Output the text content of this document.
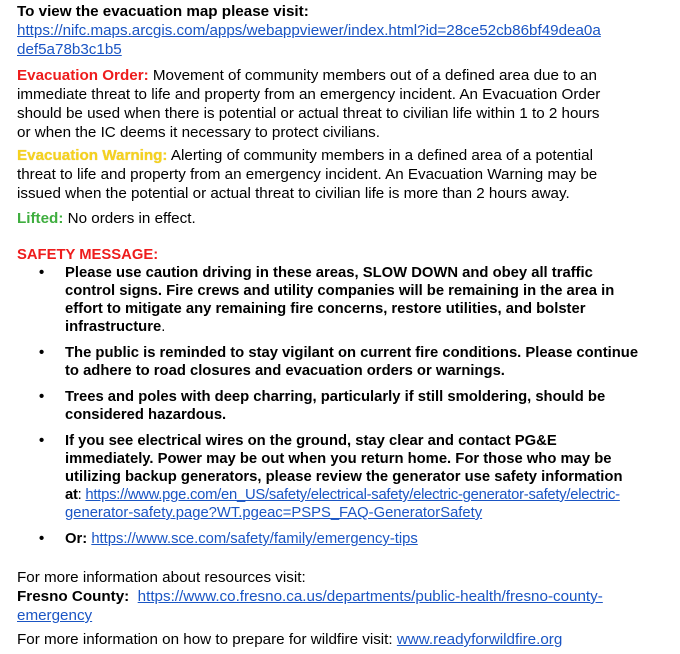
To view the evacuation map please visit:

https://nifc.maps.arcgis.com/apps/webappviewer/index.html?id=28ce52cb86bf49dea0a

def5a78b3c1b5

Evacuation Order: Movement of community members out of a defined area due to an

immediate threat to life and property from an emergency incident. An Evacuation Order

should be used when there is potential or actual threat to civilian life within 1 to 2 hours

or when the IC deems it necessary to protect civilians.

Evacuation Warning: Alerting of community members in a defined area of a potential

threat to life and property from an emergency incident. An Evacuation Warning may be

issued when the potential or actual threat to civilian life is more than 2 hours away.

Lifted: No orders in effect.

SAFETY MESSAGE:

• Please use caution driving in these areas, SLOW DOWN and obey all traffic
control signs. Fire crews and utility companies will be remaining in the area in
effort to mitigate any remaining fire concerns, restore utilities, and bolster
infrastructure.
• The public is reminded to stay vigilant on current fire conditions. Please continue
to adhere to road closures and evacuation orders or warnings.
• Trees and poles with deep charring, particularly if still smoldering, should be
considered hazardous.
• If you see electrical wires on the ground, stay clear and contact PG&E
immediately. Power may be out when you return home. For those who may be
utilizing backup generators, please review the generator use safety information
at: https://www.pge.com/en_US/safety/electrical-safety/electric-generator-safety/electric-
generator-safety.page?WT.pgeac=PSPS_FAQ-GeneratorSafety
• Or: https://www.sce.com/safety/family/emergency-tips

For more information about resources visit:

Fresno County: https://www.co.fresno.ca.us/departments/public-health/fresno-county-

emergency

For more information on how to prepare for wildfire visit: www.readyforwildfire.org
